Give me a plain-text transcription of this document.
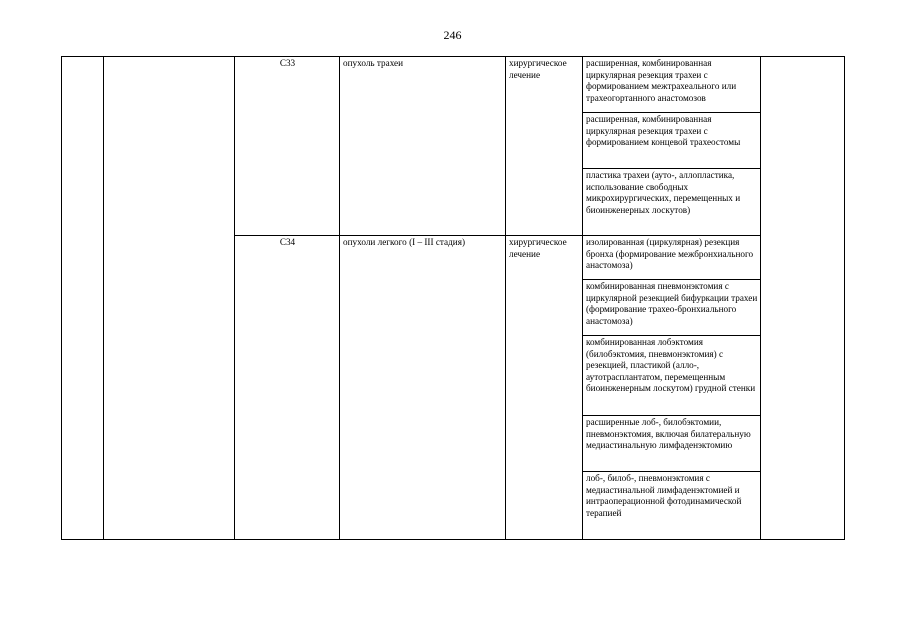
246
		C33	опухоль трахеи	хирургическое лечение	расширенная, комбинированная циркулярная резекция трахеи с формированием межтрахеального или трахеогортанного анастомозов	
					расширенная, комбинированная циркулярная резекция трахеи с формированием концевой трахеостомы	
					пластика трахеи (ауто-, аллопластика, использование свободных микрохирургических, перемещенных и биоинженерных лоскутов)	
		C34	опухоли легкого (I – III стадия)	хирургическое лечение	изолированная (циркулярная) резекция бронха (формирование межбронхиального анастомоза)	
					комбинированная пневмонэктомия с циркулярной резекцией бифуркации трахеи (формирование трахео-бронхиального анастомоза)	
					комбинированная лобэктомия (билобэктомия, пневмонэктомия) с резекцией, пластикой (алло-, аутотрасплантатом, перемещенным биоинженерным лоскутом) грудной стенки	
					расширенные лоб-, билобэктомии, пневмонэктомия, включая билатеральную медиастинальную лимфаденэктомию	
					лоб-, билоб-, пневмонэктомия с медиастинальной лимфаденэктомией и интраоперационной фотодинамической терапией	
